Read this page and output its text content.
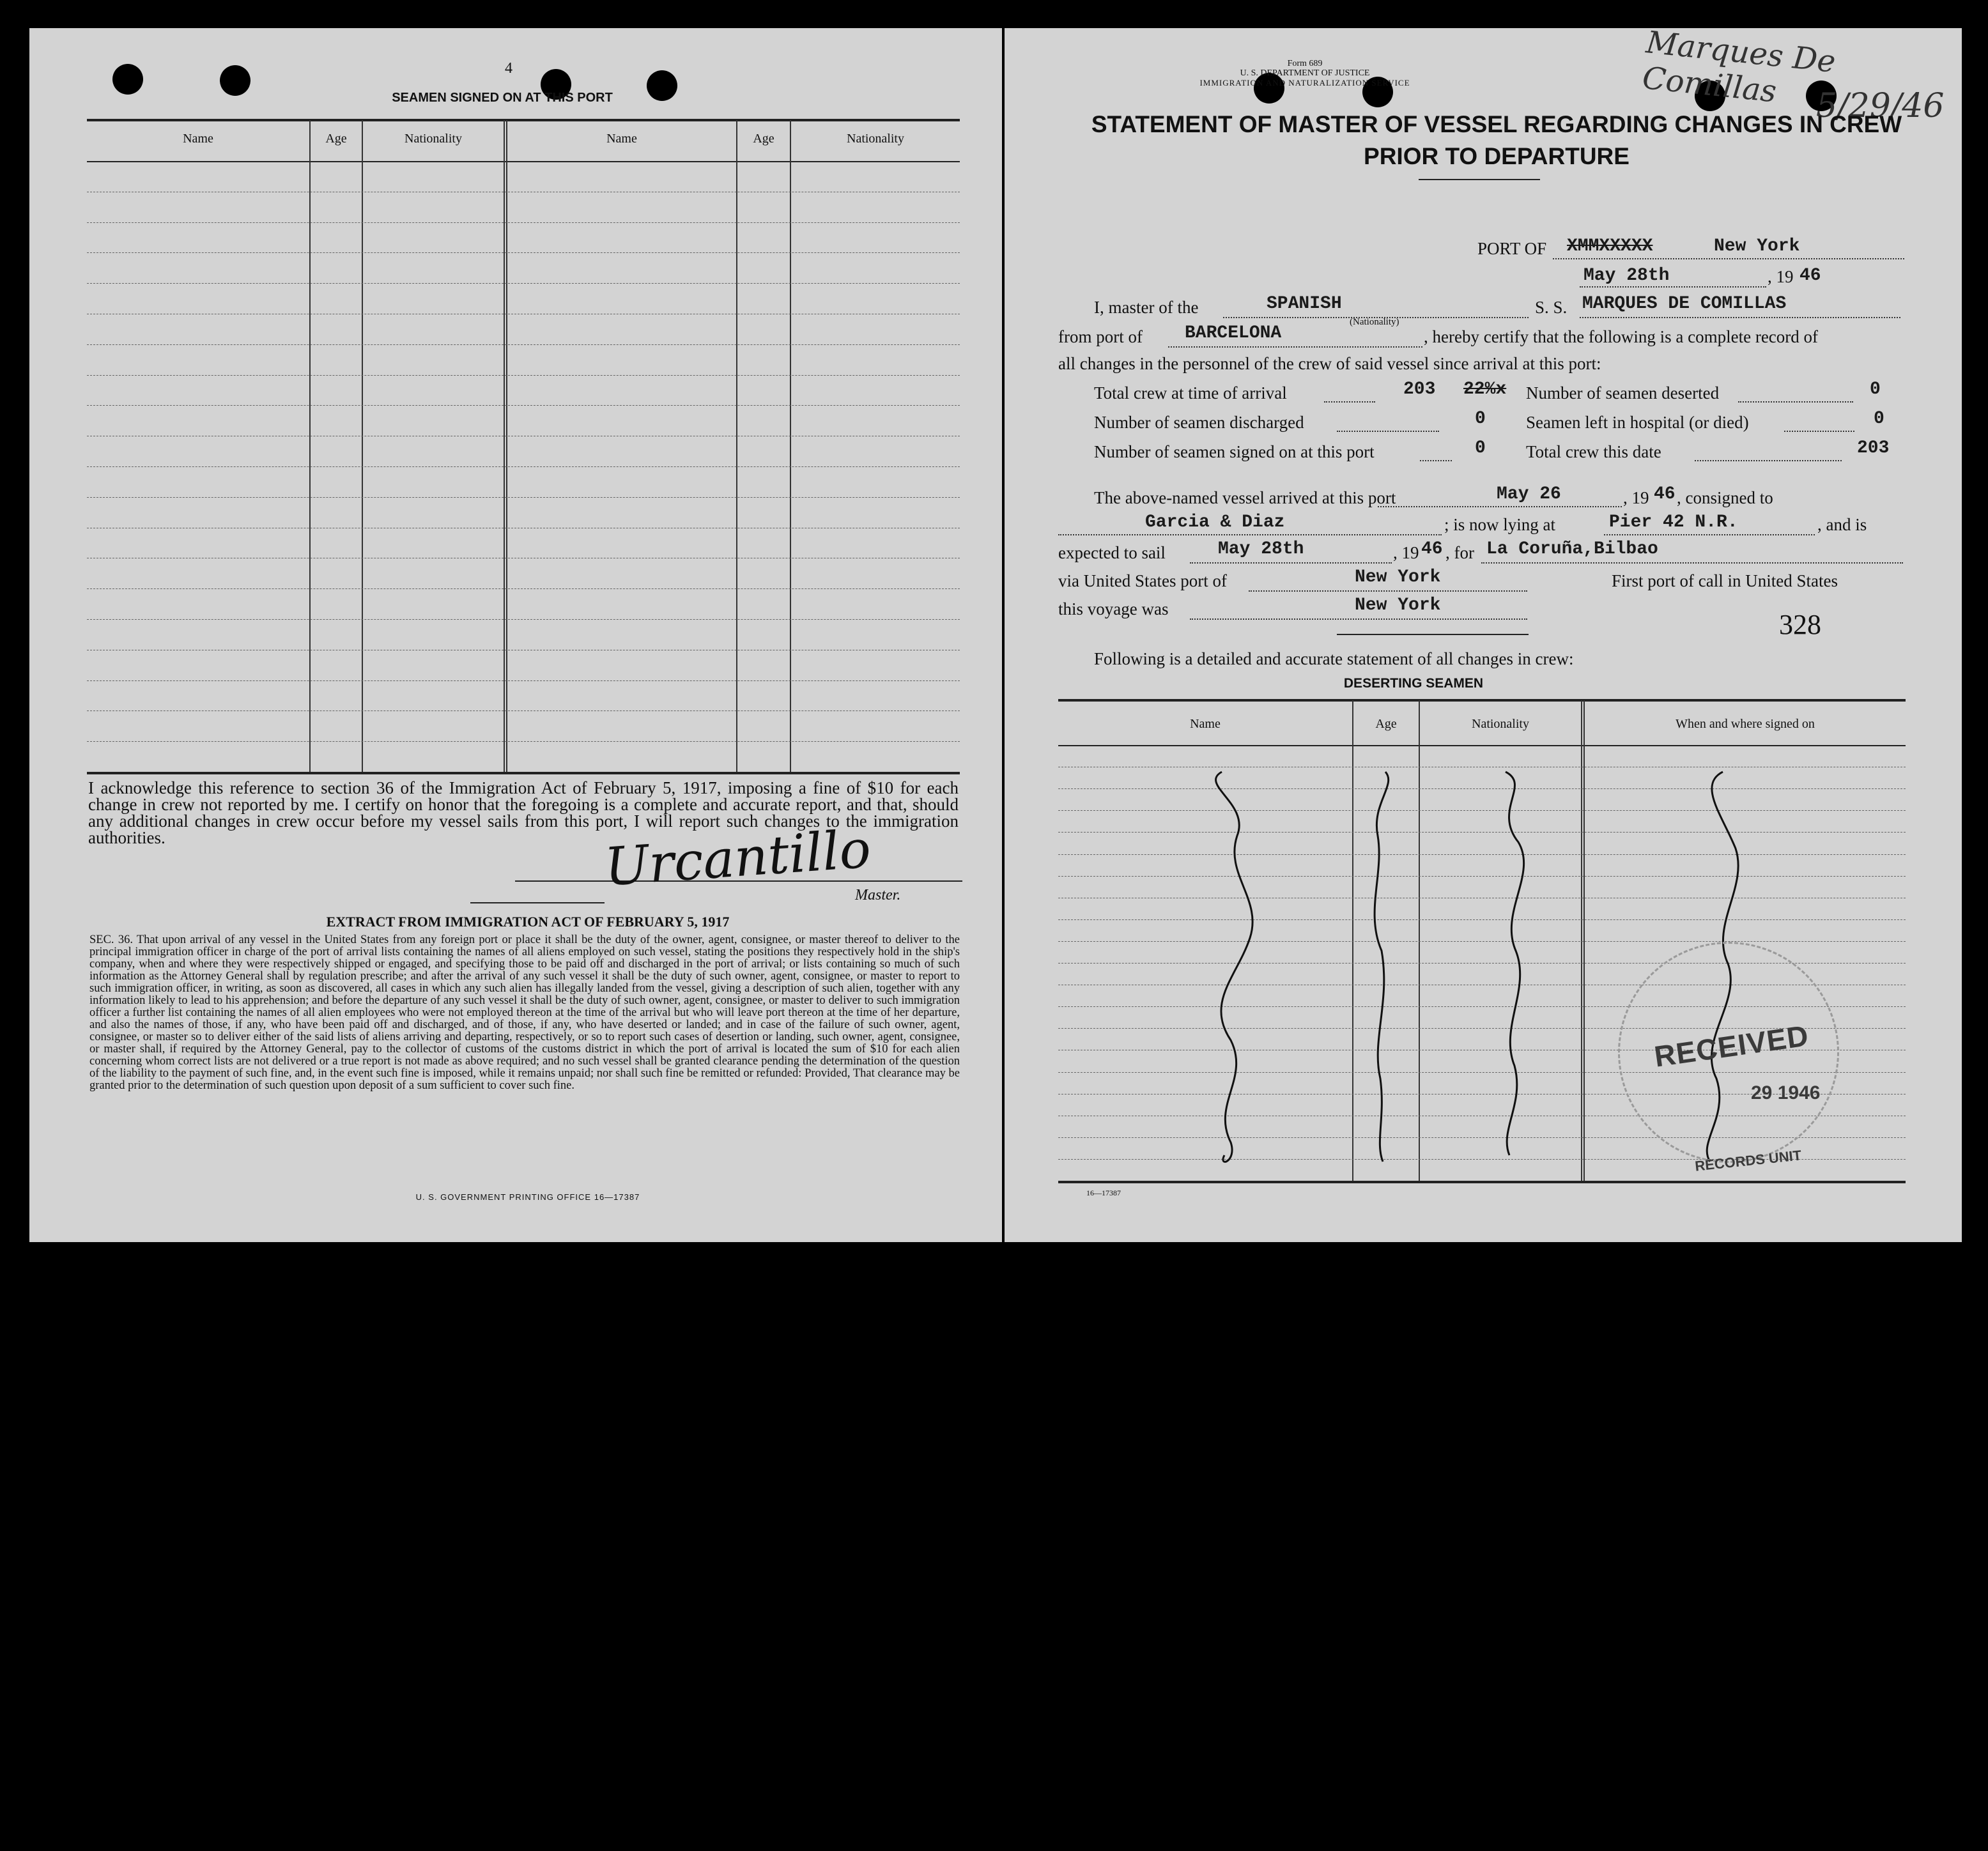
4
SEAMEN SIGNED ON AT THIS PORT
Name	Age	Nationality	Name	Age	Nationality
I acknowledge this reference to section 36 of the Immigration Act of February 5, 1917, imposing a fine of $10 for each change in crew not reported by me. I certify on honor that the foregoing is a complete and accurate report, and that, should any additional changes in crew occur before my vessel sails from this port, I will report such changes to the immigration authorities.	Urcantillo
Master.
EXTRACT FROM IMMIGRATION ACT OF FEBRUARY 5, 1917
SEC. 36. That upon arrival of any vessel in the United States from any foreign port or place it shall be the duty of the owner, agent, consignee, or master thereof to deliver to the principal immigration officer in charge of the port of arrival lists containing the names of all aliens employed on such vessel, stating the positions they respectively hold in the ship's company, when and where they were respectively shipped or engaged, and specifying those to be paid off and discharged in the port of arrival; or lists containing so much of such information as the Attorney General shall by regulation prescribe; and after the arrival of any such vessel it shall be the duty of such owner, agent, consignee, or master to report to such immigration officer, in writing, as soon as discovered, all cases in which any such alien has illegally landed from the vessel, giving a description of such alien, together with any information likely to lead to his apprehension; and before the departure of any such vessel it shall be the duty of such owner, agent, consignee, or master to deliver to such immigration officer a further list containing the names of all alien employees who were not employed thereon at the time of the arrival but who will leave port thereon at the time of her departure, and also the names of those, if any, who have been paid off and discharged, and of those, if any, who have deserted or landed; and in case of the failure of such owner, agent, consignee, or master so to deliver either of the said lists of aliens arriving and departing, respectively, or so to report such cases of desertion or landing, such owner, agent, consignee, or master shall, if required by the Attorney General, pay to the collector of customs of the customs district in which the port of arrival is located the sum of $10 for each alien concerning whom correct lists are not delivered or a true report is not made as above required; and no such vessel shall be granted clearance pending the determination of the question of the liability to the payment of such fine, and, in the event such fine is imposed, while it remains unpaid; nor shall such fine be remitted or refunded: Provided, That clearance may be granted prior to the determination of such question upon deposit of a sum sufficient to cover such fine.
U. S. GOVERNMENT PRINTING OFFICE 16—17387
Form 689
U. S. DEPARTMENT OF JUSTICE
IMMIGRATION AND NATURALIZATION SERVICE
Marques De Comillas	5/29/46
STATEMENT OF MASTER OF VESSEL REGARDING CHANGES IN CREW
PRIOR TO DEPARTURE
PORT OF XMMXXXXX	New York
May 28th	, 19 46
I, master of the	SPANISH
(Nationality)
S. S. MARQUES DE COMILLAS
from port of BARCELONA	, hereby certify that the following is a complete record of
all changes in the personnel of the crew of said vessel since arrival at this port:
Total crew at time of arrival	203 22%x Number of seamen deserted	0
Number of seamen discharged	0 Seamen left in hospital (or died)	0
Number of seamen signed on at this port	0 Total crew this date	203
The above-named vessel arrived at this port	May 26	, 19 46 , consigned to
Garcia & Diaz	; is now lying at	Pier 42 N.R.	, and is
expected to sail	May 28th	, 19 46 , for La Coruña,Bilbao
via United States port of	New York	First port of call in United States
this voyage was	New York
328
Following is a detailed and accurate statement of all changes in crew:
DESERTING SEAMEN
Name	Age	Nationality	When and where signed on
RECEIVED
29 1946
RECORDS UNIT
16—17387
